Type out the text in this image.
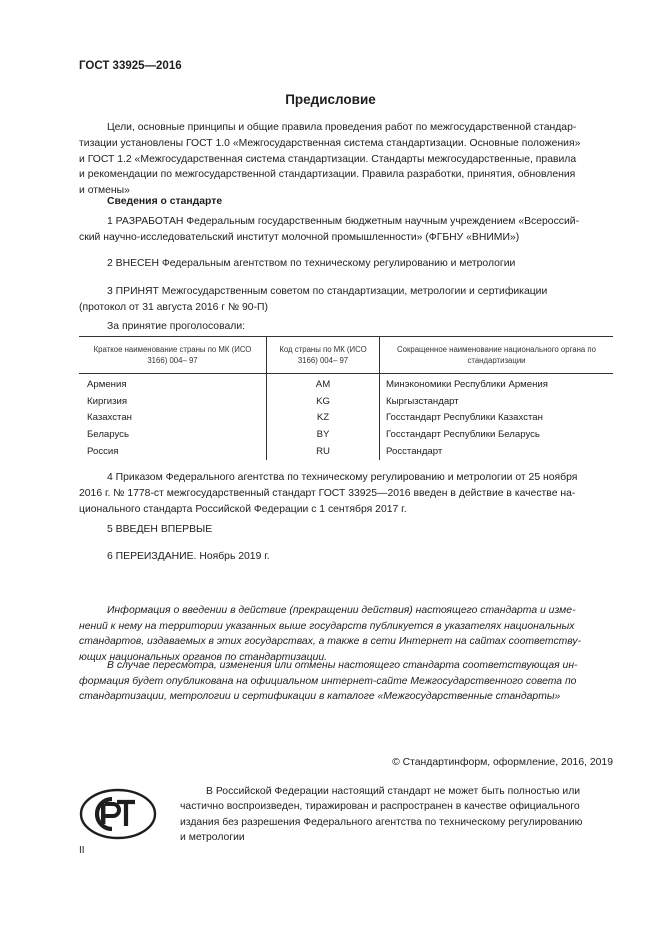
ГОСТ 33925—2016
Предисловие
Цели, основные принципы и общие правила проведения работ по межгосударственной стандар-
тизации установлены ГОСТ 1.0 «Межгосударственная система стандартизации. Основные положения»
и ГОСТ 1.2 «Межгосударственная система стандартизации. Стандарты межгосударственные, правила
и рекомендации по межгосударственной стандартизации. Правила разработки, принятия, обновления
и отмены»
Сведения о стандарте
1 РАЗРАБОТАН Федеральным государственным бюджетным научным учреждением «Всероссий-
ский научно-исследовательский институт молочной промышленности» (ФГБНУ «ВНИМИ»)
2 ВНЕСЕН Федеральным агентством по техническому регулированию и метрологии
3 ПРИНЯТ Межгосударственным советом по стандартизации, метрологии и сертификации
(протокол от 31 августа 2016 г № 90-П)
За принятие проголосовали:
Краткое наименование страны по МК (ИСО 3166) 004– 97	Код страны по МК (ИСО 3166) 004– 97	Сокращенное наименование национального органа по стандартизации

Армения	AM	Минэкономики Республики Армения
Киргизия	KG	Кыргызстандарт
Казахстан	KZ	Госстандарт Республики Казахстан
Беларусь	BY	Госстандарт Республики Беларусь
Россия	RU	Росстандарт
4 Приказом Федерального агентства по техническому регулированию и метрологии от 25 ноября
2016 г. № 1778-ст межгосударственный стандарт ГОСТ 33925—2016 введен в действие в качестве на-
ционального стандарта Российской Федерации с 1 сентября 2017 г.
5 ВВЕДЕН ВПЕРВЫЕ
6 ПЕРЕИЗДАНИЕ. Ноябрь 2019 г.
Информация о введении в действие (прекращении действия) настоящего стандарта и изме-
нений к нему на территории указанных выше государств публикуется в указателях национальных
стандартов, издаваемых в этих государствах, а также в сети Интернет на сайтах соответству-
ющих национальных органов по стандартизации.
В случае пересмотра, изменения или отмены настоящего стандарта соответствующая ин-
формация будет опубликована на официальном интернет-сайте Межгосударственного совета по
стандартизации, метрологии и сертификации в каталоге «Межгосударственные стандарты»
© Стандартинформ, оформление, 2016, 2019
В Российской Федерации настоящий стандарт не может быть полностью или
частично воспроизведен, тиражирован и распространен в качестве официального
издания без разрешения Федерального агентства по техническому регулированию
и метрологии
II
